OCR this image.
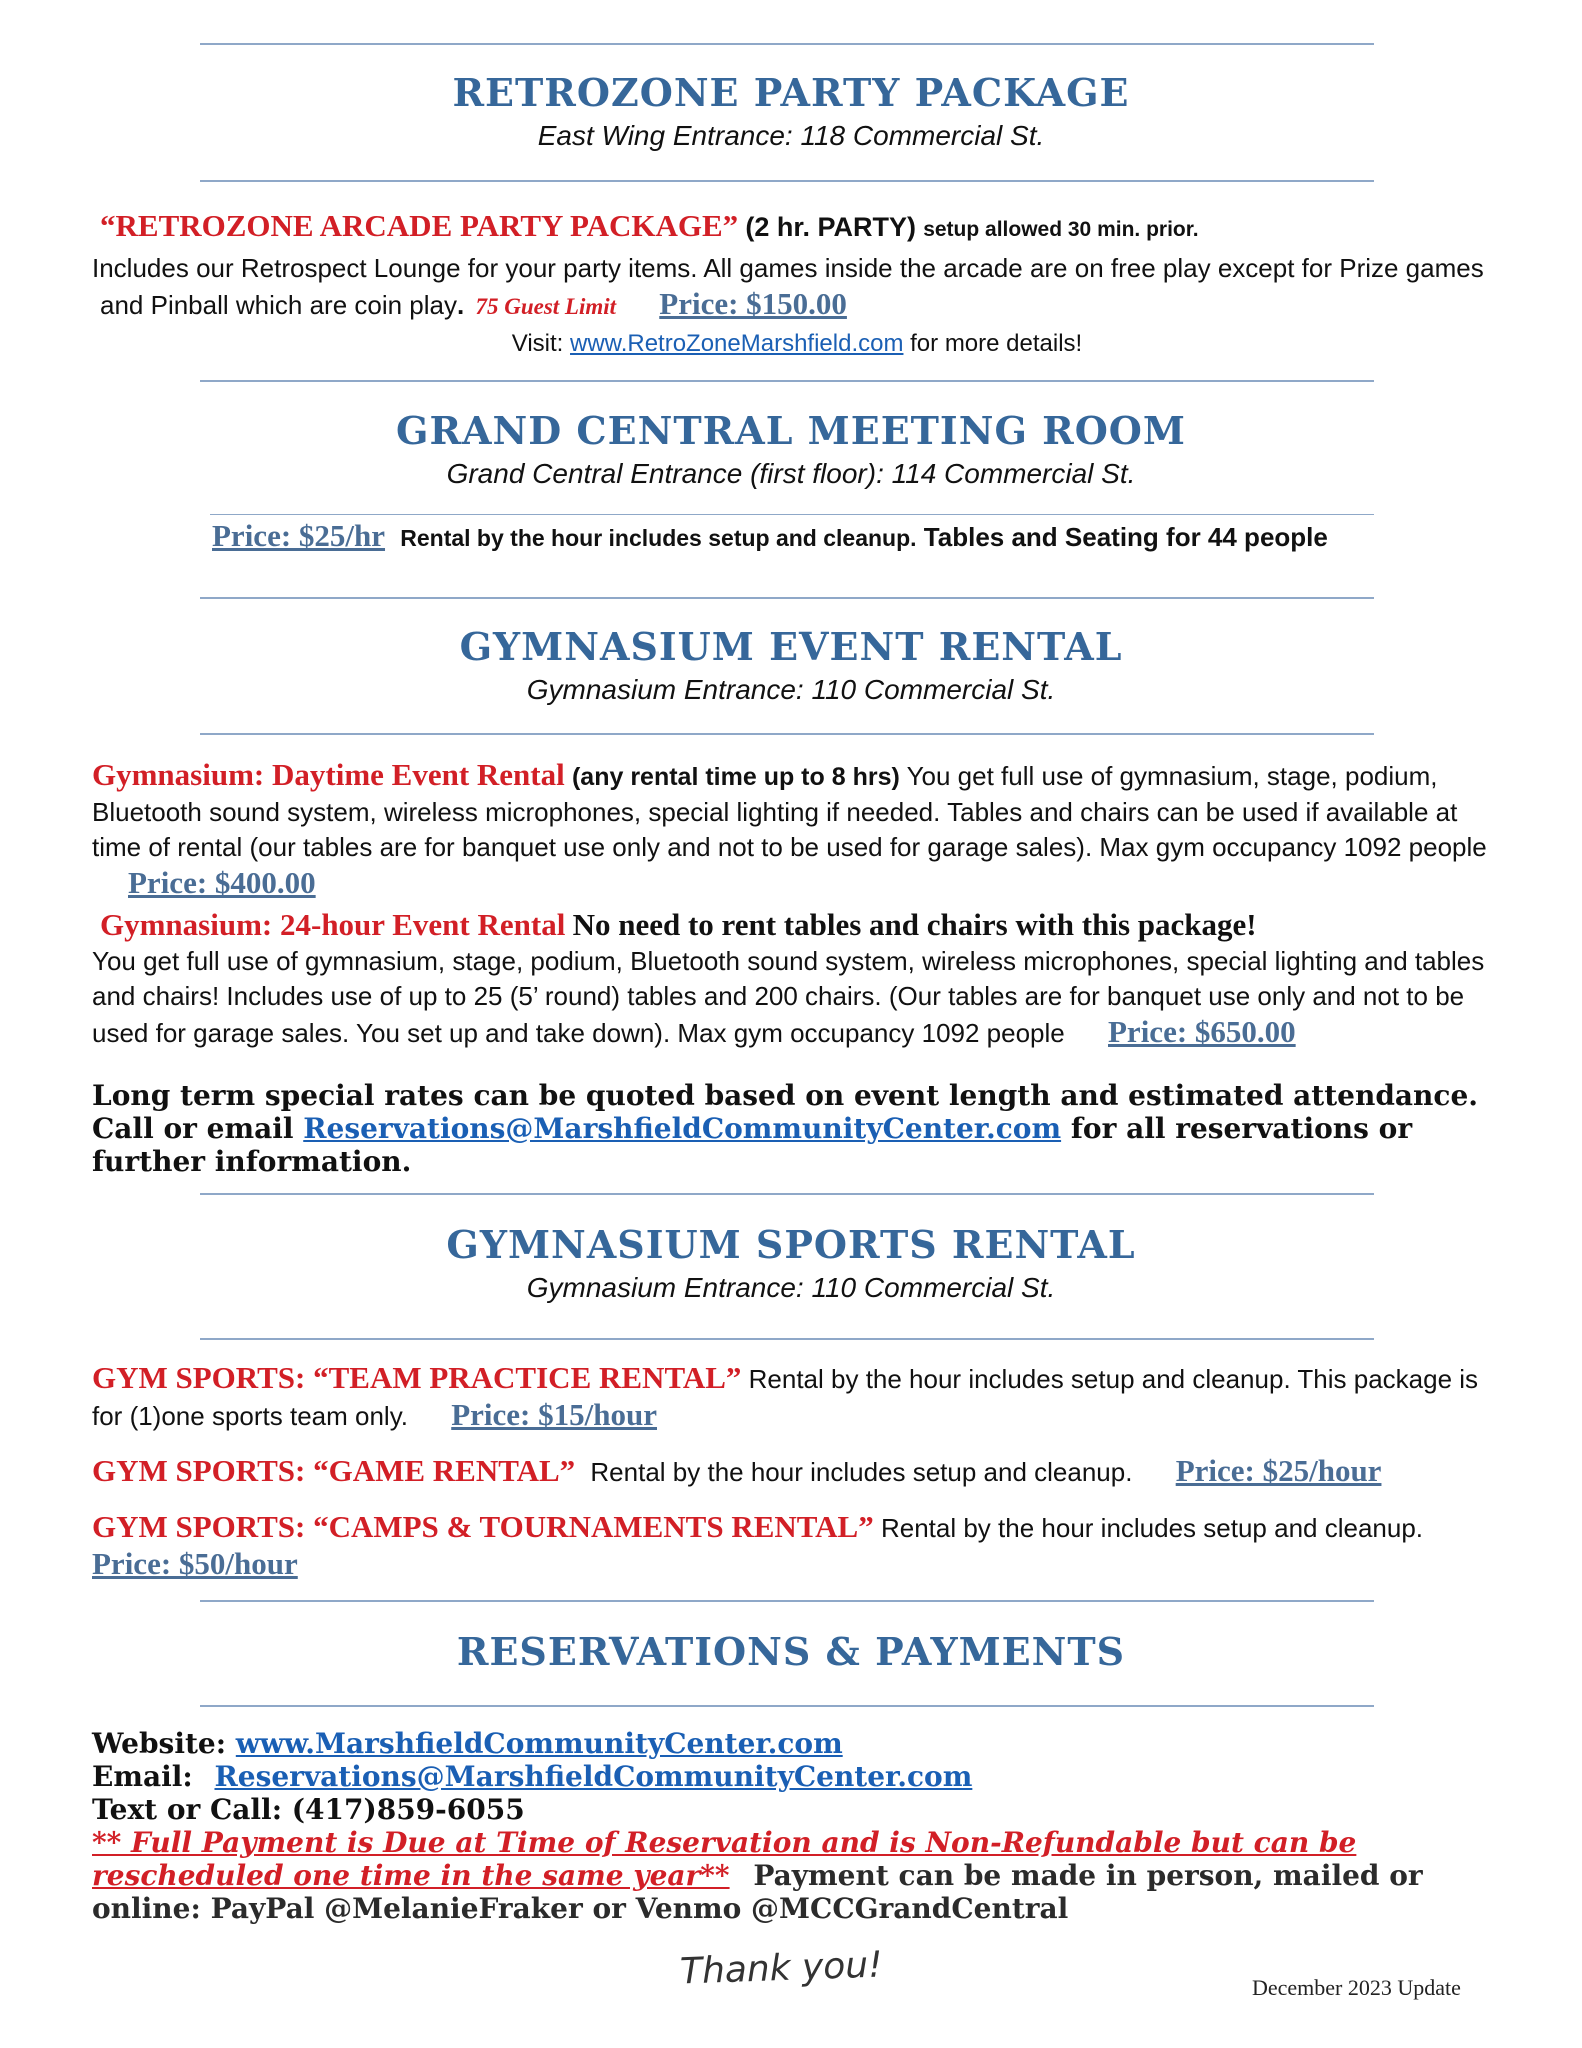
RETROZONE PARTY PACKAGE
East Wing Entrance: 118 Commercial St.
“RETROZONE ARCADE PARTY PACKAGE” (2 hr. PARTY) setup allowed 30 min. prior.
Includes our Retrospect Lounge for your party items. All games inside the arcade are on free play except for Prize games and Pinball which are coin play. 75 Guest Limit Price: $150.00
Visit: www.RetroZoneMarshfield.com for more details!
GRAND CENTRAL MEETING ROOM
Grand Central Entrance (first floor): 114 Commercial St.
Price: $25/hr Rental by the hour includes setup and cleanup. Tables and Seating for 44 people
GYMNASIUM EVENT RENTAL
Gymnasium Entrance: 110 Commercial St.
Gymnasium: Daytime Event Rental (any rental time up to 8 hrs) You get full use of gymnasium, stage, podium, Bluetooth sound system, wireless microphones, special lighting if needed. Tables and chairs can be used if available at time of rental (our tables are for banquet use only and not to be used for garage sales). Max gym occupancy 1092 people Price: $400.00
Gymnasium: 24-hour Event Rental No need to rent tables and chairs with this package!
You get full use of gymnasium, stage, podium, Bluetooth sound system, wireless microphones, special lighting and tables and chairs! Includes use of up to 25 (5’ round) tables and 200 chairs. (Our tables are for banquet use only and not to be used for garage sales. You set up and take down). Max gym occupancy 1092 people Price: $650.00
Long term special rates can be quoted based on event length and estimated attendance. Call or email Reservations@MarshfieldCommunityCenter.com for all reservations or further information.
GYMNASIUM SPORTS RENTAL
Gymnasium Entrance: 110 Commercial St.
GYM SPORTS: “TEAM PRACTICE RENTAL” Rental by the hour includes setup and cleanup. This package is for (1)one sports team only. Price: $15/hour
GYM SPORTS: “GAME RENTAL” Rental by the hour includes setup and cleanup. Price: $25/hour
GYM SPORTS: “CAMPS & TOURNAMENTS RENTAL” Rental by the hour includes setup and cleanup.
Price: $50/hour
RESERVATIONS & PAYMENTS
Website: www.MarshfieldCommunityCenter.com
Email: Reservations@MarshfieldCommunityCenter.com
Text or Call: (417)859-6055
** Full Payment is Due at Time of Reservation and is Non-Refundable but can be rescheduled one time in the same year** Payment can be made in person, mailed or online: PayPal @MelanieFraker or Venmo @MCCGrandCentral
Thank you!	December 2023 Update
